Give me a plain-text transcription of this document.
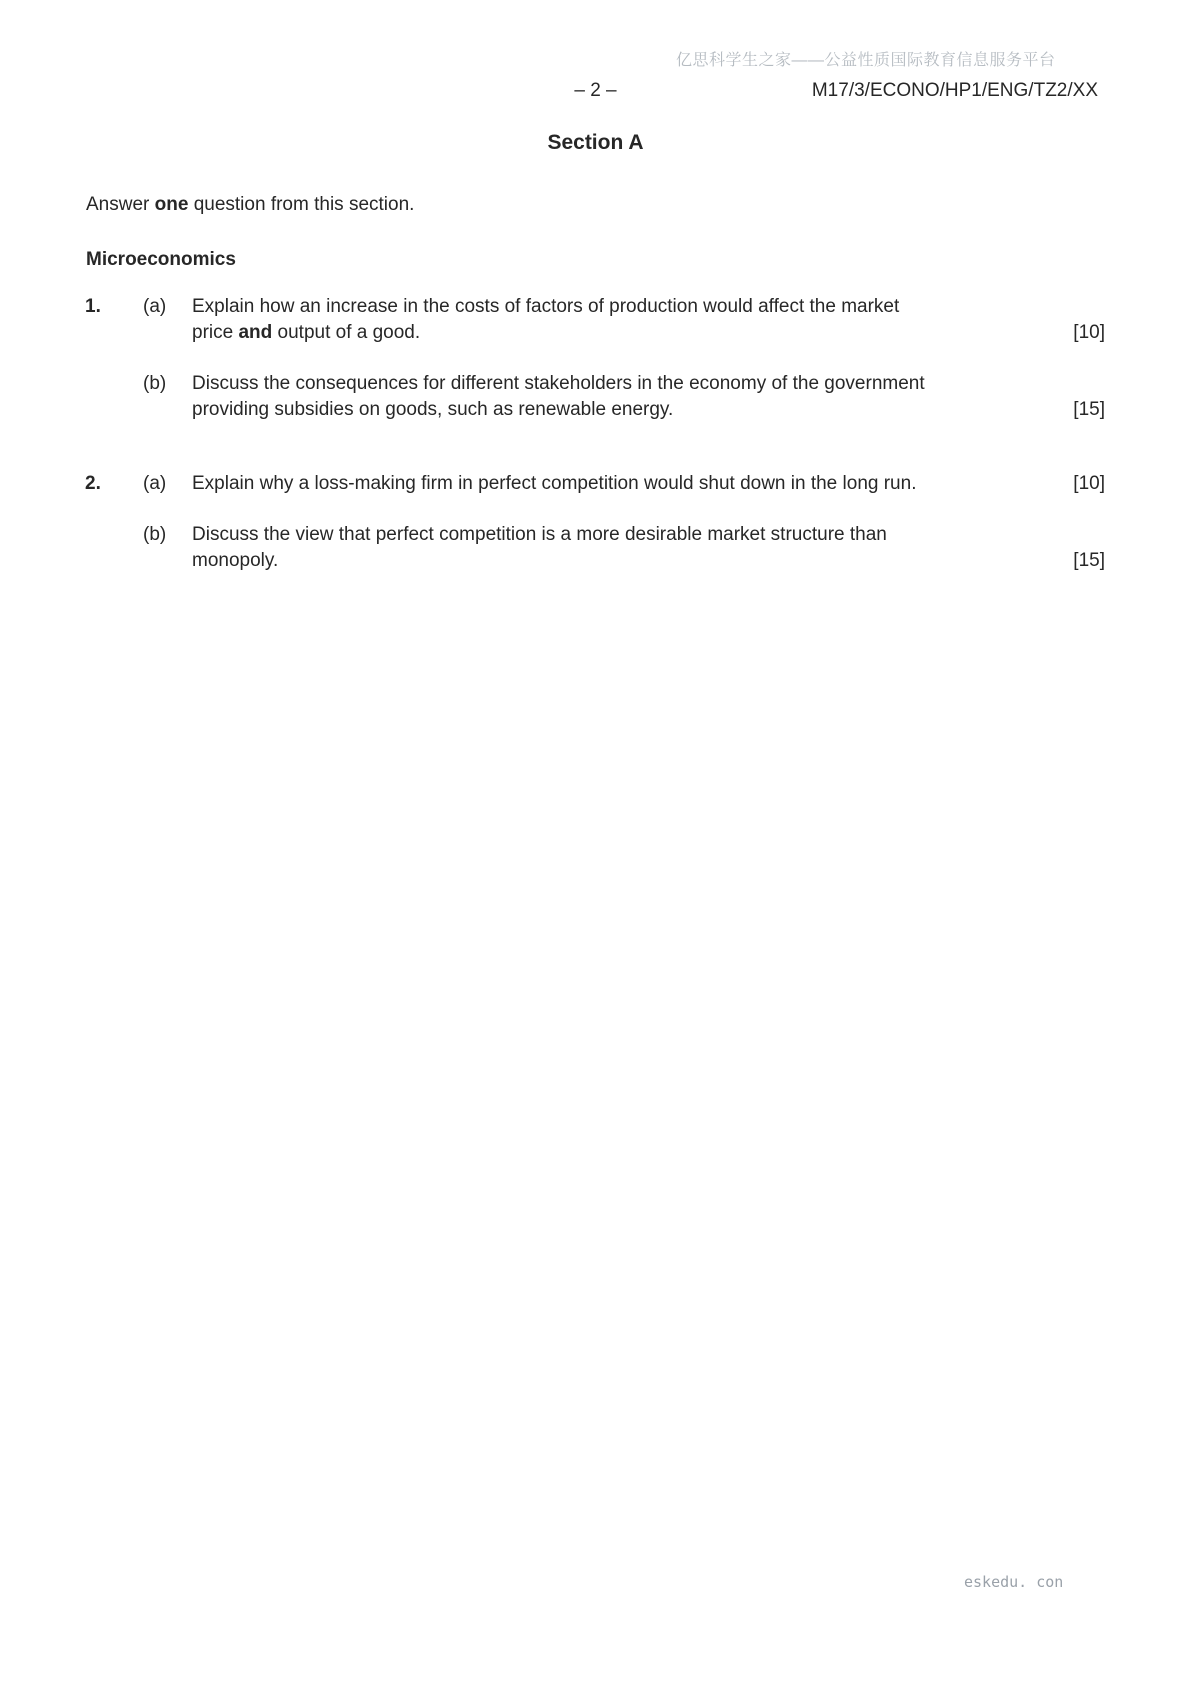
亿思科学生之家——公益性质国际教育信息服务平台
– 2 –	M17/3/ECONO/HP1/ENG/TZ2/XX
Section A
Answer one question from this section.
Microeconomics
1.	(a)	Explain how an increase in the costs of factors of production would affect the market
price and output of a good.	[10]
(b)	Discuss the consequences for different stakeholders in the economy of the government
providing subsidies on goods, such as renewable energy.	[15]
2.	(a)	Explain why a loss-making firm in perfect competition would shut down in the long run.	[10]
(b)	Discuss the view that perfect competition is a more desirable market structure than
monopoly.	[15]
eskedu. con
